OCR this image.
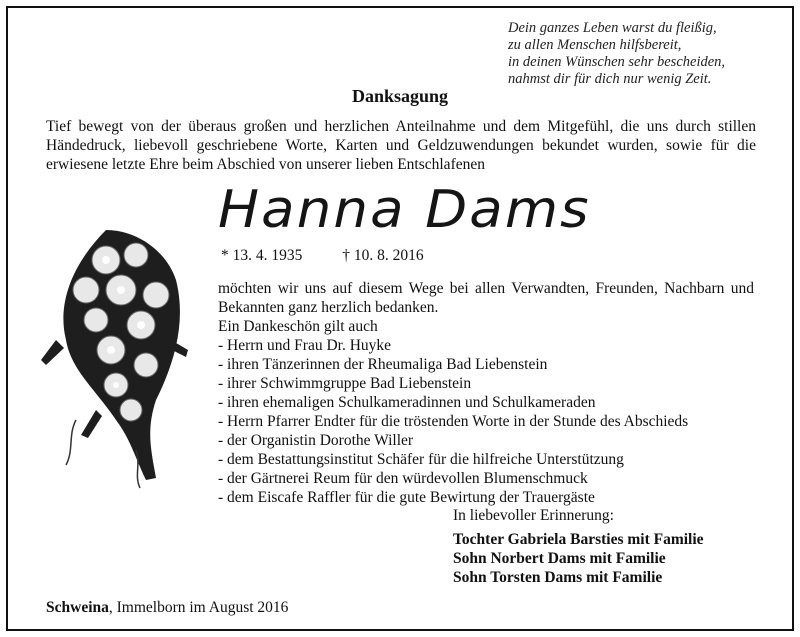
Dein ganzes Leben warst du fleißig,
zu allen Menschen hilfsbereit,
in deinen Wünschen sehr bescheiden,
nahmst dir für dich nur wenig Zeit.
Danksagung
Tief bewegt von der überaus großen und herzlichen Anteilnahme und dem Mitgefühl, die uns durch stillen Händedruck, liebevoll geschriebene Worte, Karten und Geldzuwendungen bekundet wurden, sowie für die erwiesene letzte Ehre beim Abschied von unserer lieben Entschlafenen
Hanna Dams
* 13. 4. 1935	† 10. 8. 2016
möchten wir uns auf diesem Wege bei allen Verwandten, Freunden, Nachbarn und Bekannten ganz herzlich bedanken.
Ein Dankeschön gilt auch
- Herrn und Frau Dr. Huyke
- ihren Tänzerinnen der Rheumaliga Bad Liebenstein
- ihrer Schwimmgruppe Bad Liebenstein
- ihren ehemaligen Schulkameradinnen und Schulkameraden
- Herrn Pfarrer Endter für die tröstenden Worte in der Stunde des Abschieds
- der Organistin Dorothe Willer
- dem Bestattungsinstitut Schäfer für die hilfreiche Unterstützung
- der Gärtnerei Reum für den würdevollen Blumenschmuck
- dem Eiscafe Raffler für die gute Bewirtung der Trauergäste
In liebevoller Erinnerung:
Tochter Gabriela Barsties mit Familie
Sohn Norbert Dams mit Familie
Sohn Torsten Dams mit Familie
Schweina, Immelborn im August 2016
